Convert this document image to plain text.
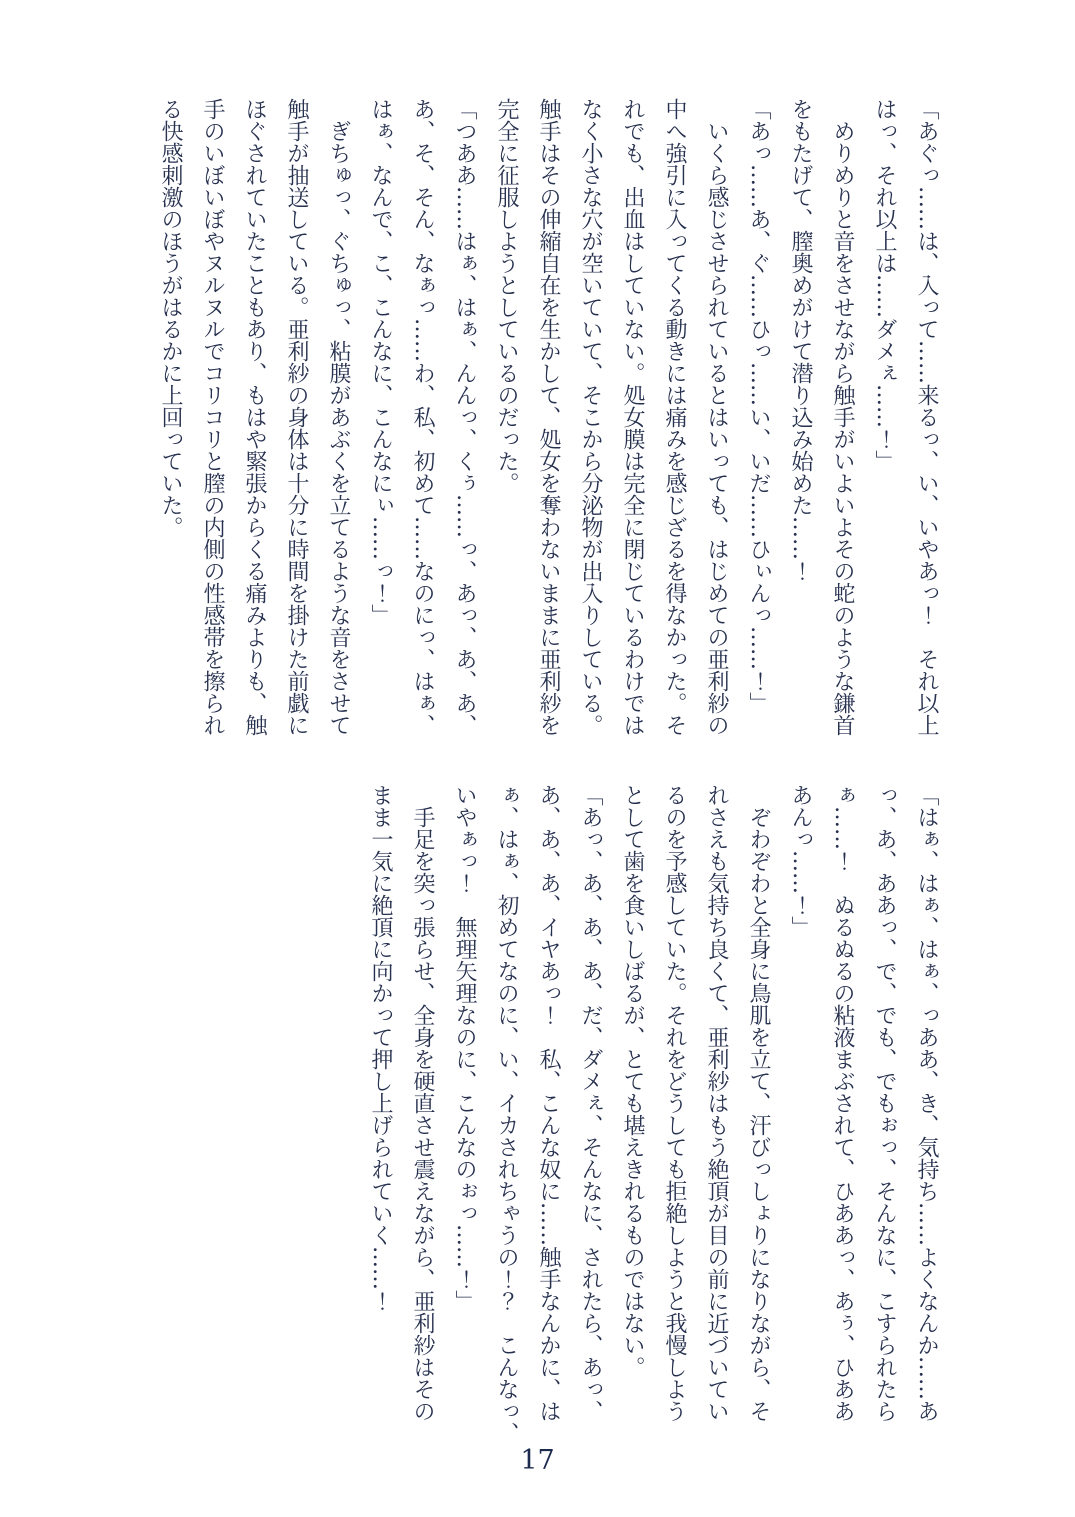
「あぐっ……は、入って……来るっ、い、いやあっ！　それ以上
はっ、それ以上は……ダメぇ……！」
めりめりと音をさせながら触手がいよいよその蛇のような鎌首
をもたげて、膣奥めがけて潜り込み始めた……！
「あっ……あ、ぐ……ひっ……い、いだ……ひぃんっ……！」
いくら感じさせられているとはいっても、はじめての亜利紗の
中へ強引に入ってくる動きには痛みを感じざるを得なかった。そ
れでも、出血はしていない。処女膜は完全に閉じているわけでは
なく小さな穴が空いていて、そこから分泌物が出入りしている。
触手はその伸縮自在を生かして、処女を奪わないままに亜利紗を
完全に征服しようとしているのだった。
「つああ……はぁ、はぁ、んんっ、くぅ……っ、あっ、あ、あ、
あ、そ、そん、なぁっ……わ、私、初めて……なのにっ、はぁ、
はぁ、なんで、こ、こんなに、こんなにぃ……っ！」
ぎちゅっ、ぐちゅっ、粘膜があぶくを立てるような音をさせて
触手が抽送している。亜利紗の身体は十分に時間を掛けた前戯に
ほぐされていたこともあり、もはや緊張からくる痛みよりも、触
手のいぼいぼやヌルヌルでコリコリと膣の内側の性感帯を擦られ
る快感刺激のほうがはるかに上回っていた。
「はぁ、はぁ、はぁ、っああ、き、気持ち……よくなんか……あ
っ、あ、ああっ、で、でも、でもぉっ、そんなに、こすられたら
ぁ……！　ぬるぬるの粘液まぶされて、ひああっ、あぅ、ひああ
あんっ……！」
ぞわぞわと全身に鳥肌を立て、汗びっしょりになりながら、そ
れさえも気持ち良くて、亜利紗はもう絶頂が目の前に近づいてい
るのを予感していた。それをどうしても拒絶しようと我慢しよう
として歯を食いしばるが、とても堪えきれるものではない。
「あっ、あ、あ、あ、だ、ダメぇ、そんなに、されたら、あっ、
あ、あ、あ、イヤあっ！　私、こんな奴に……触手なんかに、は
ぁ、はぁ、初めてなのに、い、イカされちゃうの！？　こんなっ、
いやぁっ！　無理矢理なのに、こんなのぉっ……！」
手足を突っ張らせ、全身を硬直させ震えながら、亜利紗はその
まま一気に絶頂に向かって押し上げられていく……！
17
